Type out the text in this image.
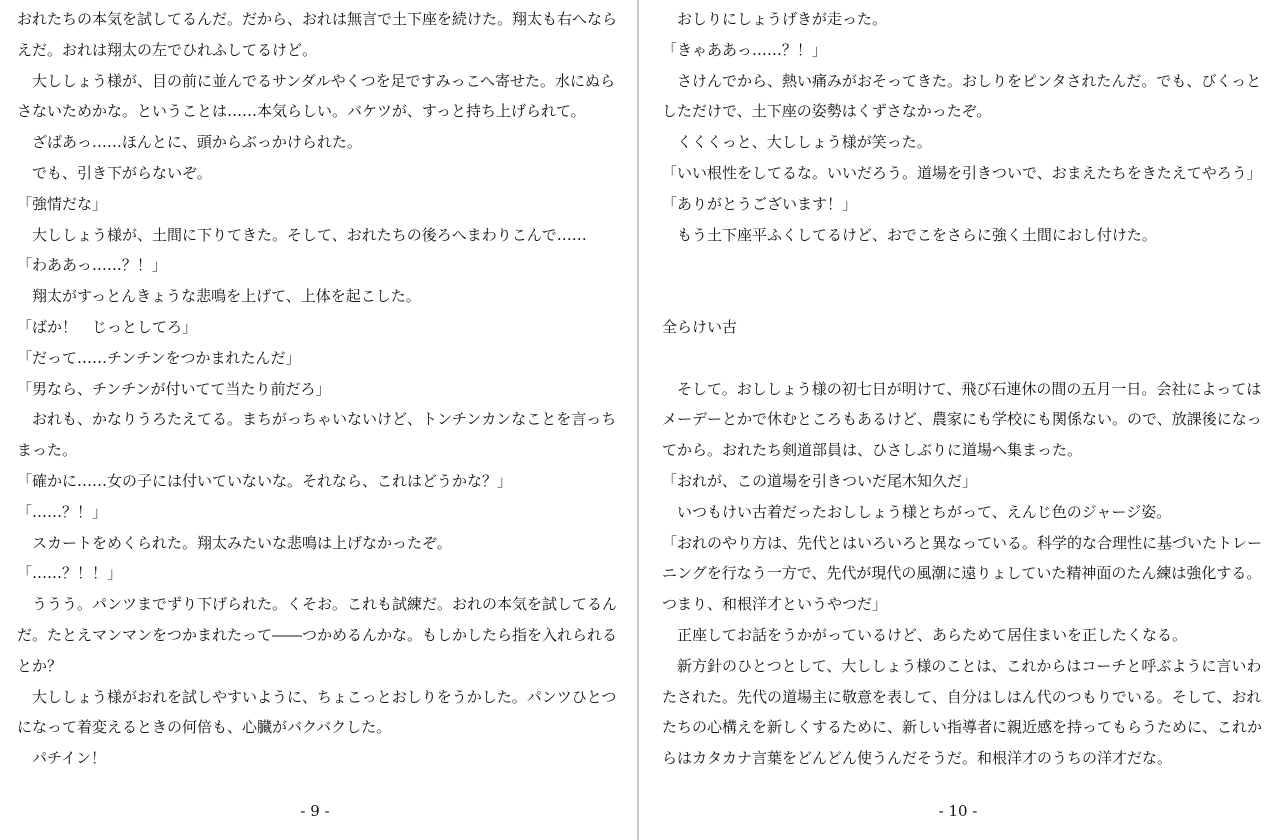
おれたちの本気を試してるんだ。だから、おれは無言で土下座を続けた。翔太も右へなら
えだ。おれは翔太の左でひれふしてるけど。
　大ししょう様が、目の前に並んでるサンダルやくつを足ですみっこへ寄せた。水にぬら
さないためかな。ということは……本気らしい。バケツが、すっと持ち上げられて。
　ざばあっ……ほんとに、頭からぶっかけられた。
　でも、引き下がらないぞ。
「強情だな」
　大ししょう様が、土間に下りてきた。そして、おれたちの後ろへまわりこんで……
「わああっ……？！」
　翔太がすっとんきょうな悲鳴を上げて、上体を起こした。
「ばか！　じっとしてろ」
「だって……チンチンをつかまれたんだ」
「男なら、チンチンが付いてて当たり前だろ」
　おれも、かなりうろたえてる。まちがっちゃいないけど、トンチンカンなことを言っち
まった。
「確かに……女の子には付いていないな。それなら、これはどうかな？」
「……？！」
　スカートをめくられた。翔太みたいな悲鳴は上げなかったぞ。
「……？！！」
　ううう。パンツまでずり下げられた。くそお。これも試練だ。おれの本気を試してるん
だ。たとえマンマンをつかまれたって――つかめるんかな。もしかしたら指を入れられる
とか？
　大ししょう様がおれを試しやすいように、ちょこっとおしりをうかした。パンツひとつ
になって着変えるときの何倍も、心臓がバクバクした。
　パチイン！
- 9 -
　おしりにしょうげきが走った。
「きゃああっ……？！」
　さけんでから、熱い痛みがおそってきた。おしりをピンタされたんだ。でも、びくっと
しただけで、土下座の姿勢はくずさなかったぞ。
　くくくっと、大ししょう様が笑った。
「いい根性をしてるな。いいだろう。道場を引きついで、おまえたちをきたえてやろう」
「ありがとうございます！」
　もう土下座平ふくしてるけど、おでこをさらに強く土間におし付けた。
全らけい古
　そして。おししょう様の初七日が明けて、飛び石連休の間の五月一日。会社によっては
メーデーとかで休むところもあるけど、農家にも学校にも関係ない。ので、放課後になっ
てから。おれたち剣道部員は、ひさしぶりに道場へ集まった。
「おれが、この道場を引きついだ尾木知久だ」
　いつもけい古着だったおししょう様とちがって、えんじ色のジャージ姿。
「おれのやり方は、先代とはいろいろと異なっている。科学的な合理性に基づいたトレー
ニングを行なう一方で、先代が現代の風潮に遠りょしていた精神面のたん練は強化する。
つまり、和根洋才というやつだ」
　正座してお話をうかがっているけど、あらためて居住まいを正したくなる。
　新方針のひとつとして、大ししょう様のことは、これからはコーチと呼ぶように言いわ
たされた。先代の道場主に敬意を表して、自分はしはん代のつもりでいる。そして、おれ
たちの心構えを新しくするために、新しい指導者に親近感を持ってもらうために、これか
らはカタカナ言葉をどんどん使うんだそうだ。和根洋才のうちの洋才だな。
- 10 -
